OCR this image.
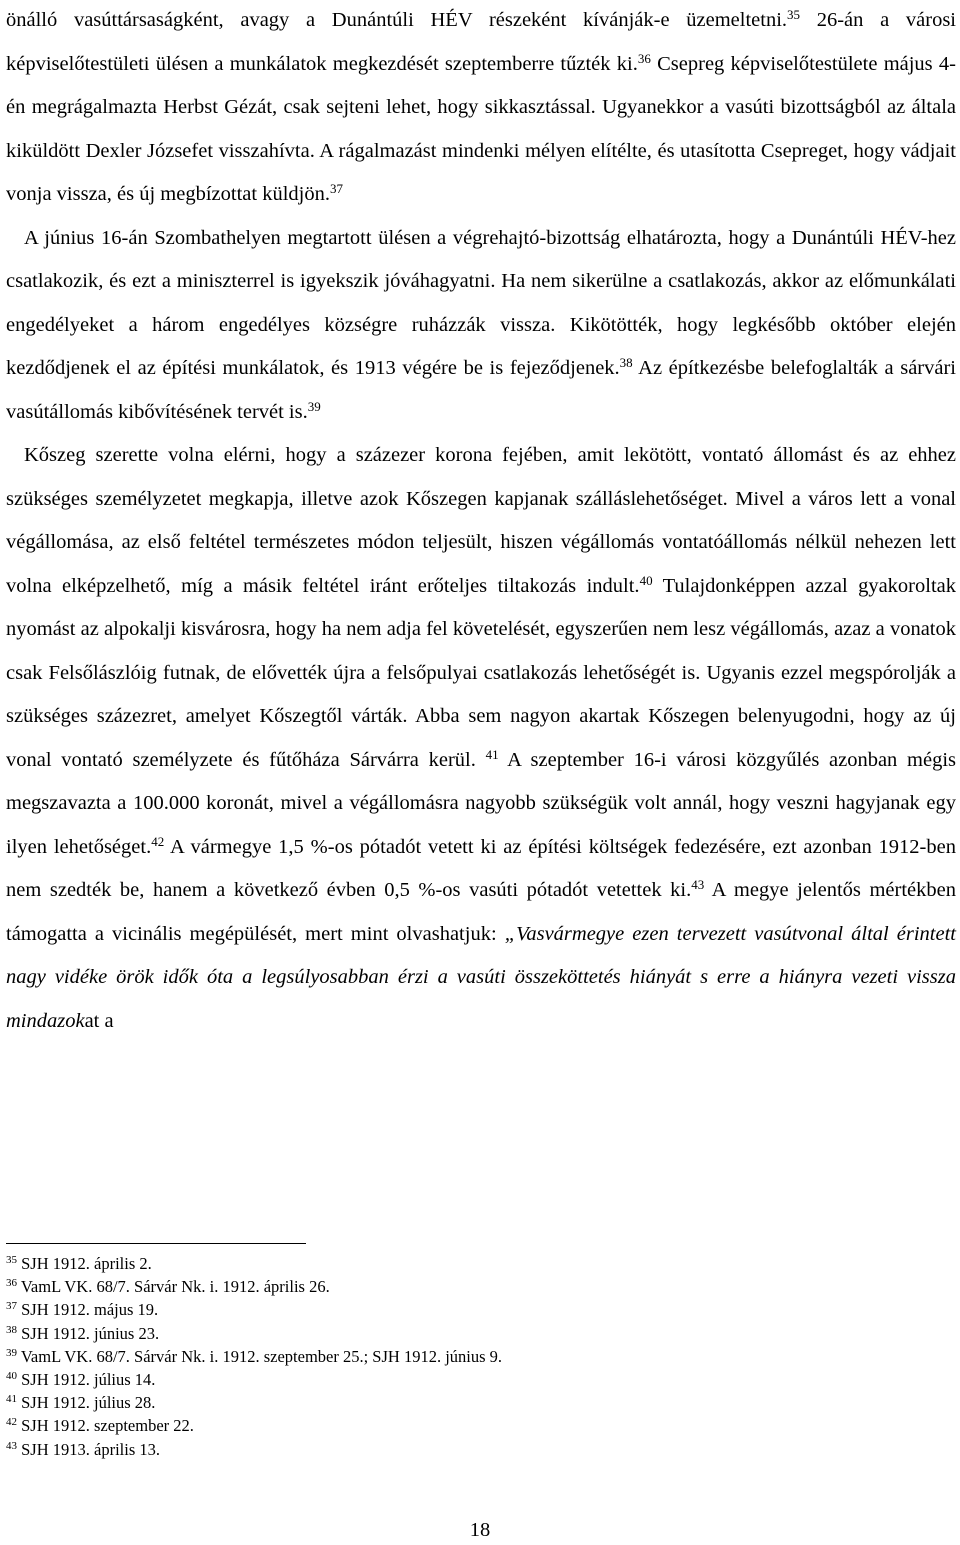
önálló vasúttársaságként, avagy a Dunántúli HÉV részeként kívánják-e üzemeltetni.$^{35}$ 26-án a városi képviselőtestületi ülésen a munkálatok megkezdését szeptemberre tűzték ki.$^{36}$ Csepreg képviselőtestülete május 4-én megrágalmazta Herbst Gézát, csak sejteni lehet, hogy sikkasztással. Ugyanekkor a vasúti bizottságból az általa kiküldött Dexler Józsefet visszahívta. A rágalmazást mindenki mélyen elítélte, és utasította Csepreget, hogy vádjait vonja vissza, és új megbízottat küldjön.$^{37}$

A június 16-án Szombathelyen megtartott ülésen a végrehajtó-bizottság elhatározta, hogy a Dunántúli HÉV-hez csatlakozik, és ezt a miniszterrel is igyekszik jóváhagyatni. Ha nem sikerülne a csatlakozás, akkor az előmunkálati engedélyeket a három engedélyes községre ruházzák vissza. Kikötötték, hogy legkésőbb október elején kezdődjenek el az építési munkálatok, és 1913 végére be is fejeződjenek.$^{38}$ Az építkezésbe belefoglalták a sárvári vasútállomás kibővítésének tervét is.$^{39}$

Kőszeg szerette volna elérni, hogy a százezer korona fejében, amit lekötött, vontató állomást és az ehhez szükséges személyzetet megkapja, illetve azok Kőszegen kapjanak szálláslehetőséget. Mivel a város lett a vonal végállomása, az első feltétel természetes módon teljesült, hiszen végállomás vontatóállomás nélkül nehezen lett volna elképzelhető, míg a másik feltétel iránt erőteljes tiltakozás indult.$^{40}$ Tulajdonképpen azzal gyakoroltak nyomást az alpokalji kisvárosra, hogy ha nem adja fel követelését, egyszerűen nem lesz végállomás, azaz a vonatok csak Felsőlászlóig futnak, de elővették újra a felsőpulyai csatlakozás lehetőségét is. Ugyanis ezzel megspórolják a szükséges százezret, amelyet Kőszegtől várták. Abba sem nagyon akartak Kőszegen belenyugodni, hogy az új vonal vontató személyzete és fűtőháza Sárvárra kerül. $^{41}$ A szeptember 16-i városi közgyűlés azonban mégis megszavazta a 100.000 koronát, mivel a végállomásra nagyobb szükségük volt annál, hogy veszni hagyjanak egy ilyen lehetőséget.$^{42}$ A vármegye 1,5 %-os pótadót vetett ki az építési költségek fedezésére, ezt azonban 1912-ben nem szedték be, hanem a következő évben 0,5 %-os vasúti pótadót vetettek ki.$^{43}$ A megye jelentős mértékben támogatta a vicinális megépülését, mert mint olvashatjuk: „Vasvármegye ezen tervezett vasútvonal által érintett nagy vidéke örök idők óta a legsúlyosabban érzi a vasúti összeköttetés hiányát s erre a hiányra vezeti vissza mindazokat a

$^{35}$ SJH 1912. április 2.
$^{36}$ VamL VK. 68/7. Sárvár Nk. i. 1912. április 26.
$^{37}$ SJH 1912. május 19.
$^{38}$ SJH 1912. június 23.
$^{39}$ VamL VK. 68/7. Sárvár Nk. i. 1912. szeptember 25.; SJH 1912. június 9.
$^{40}$ SJH 1912. július 14.
$^{41}$ SJH 1912. július 28.
$^{42}$ SJH 1912. szeptember 22.
$^{43}$ SJH 1913. április 13.
18
